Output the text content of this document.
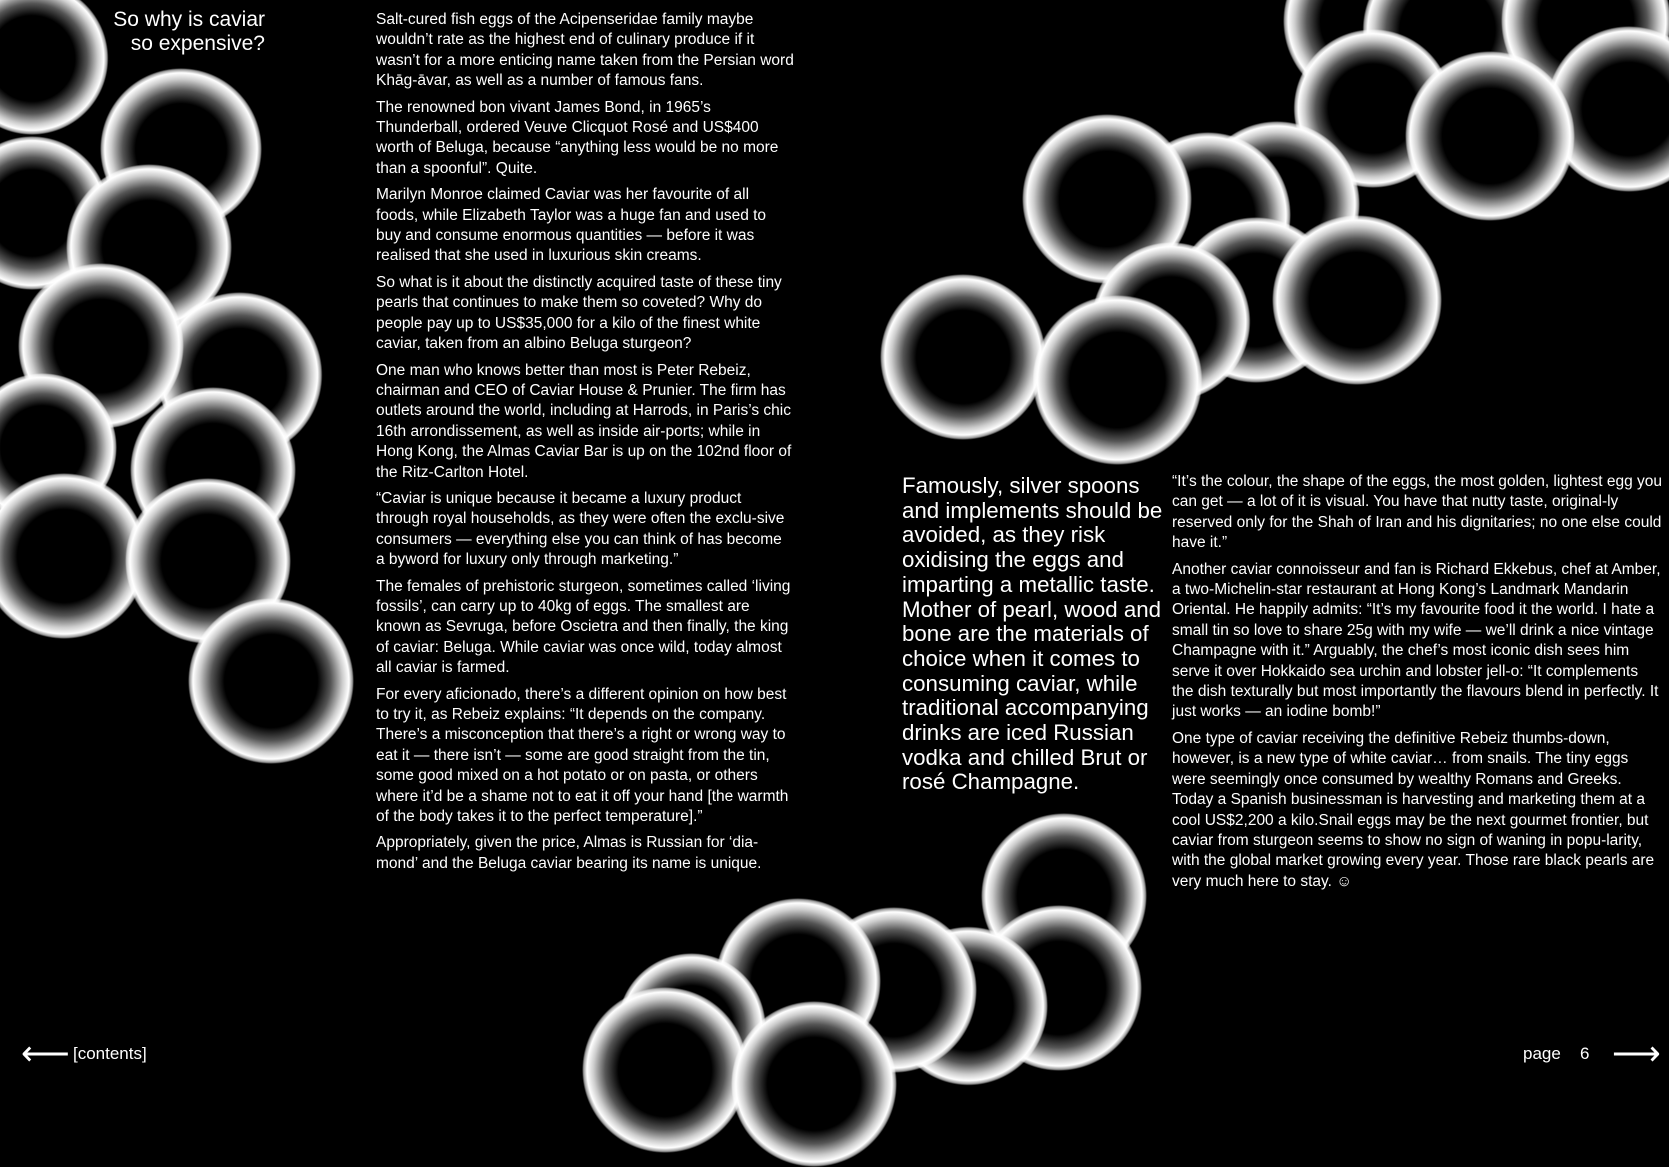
So why is caviar
so expensive?

Salt-cured fish eggs of the Acipenseridae family maybe wouldn’t rate as the highest end of culinary produce if it wasn’t for a more enticing name taken from the Persian word Khāg-āvar, as well as a number of famous fans.

The renowned bon vivant James Bond, in 1965’s Thunderball, ordered Veuve Clicquot Rosé and US$400 worth of Beluga, because “anything less would be no more than a spoonful”. Quite.

Marilyn Monroe claimed Caviar was her favourite of all foods, while Elizabeth Taylor was a huge fan and used to buy and consume enormous quantities — before it was realised that she used in luxurious skin creams.

So what is it about the distinctly acquired taste of these tiny pearls that continues to make them so coveted? Why do people pay up to US$35,000 for a kilo of the finest white caviar, taken from an albino Beluga sturgeon?

One man who knows better than most is Peter Rebeiz, chairman and CEO of Caviar House & Prunier. The firm has outlets around the world, including at Harrods, in Paris’s chic 16th arrondissement, as well as inside air-ports; while in Hong Kong, the Almas Caviar Bar is up on the 102nd floor of the Ritz-Carlton Hotel.

“Caviar is unique because it became a luxury product through royal households, as they were often the exclu-sive consumers — everything else you can think of has become a byword for luxury only through marketing.”

The females of prehistoric sturgeon, sometimes called ‘living fossils’, can carry up to 40kg of eggs. The smallest are known as Sevruga, before Oscietra and then finally, the king of caviar: Beluga. While caviar was once wild, today almost all caviar is farmed.

For every aficionado, there’s a different opinion on how best to try it, as Rebeiz explains: “It depends on the company. There’s a misconception that there’s a right or wrong way to eat it — there isn’t — some are good straight from the tin, some good mixed on a hot potato or on pasta, or others where it’d be a shame not to eat it off your hand [the warmth of the body takes it to the perfect temperature].”

Appropriately, given the price, Almas is Russian for ‘dia-mond’ and the Beluga caviar bearing its name is unique.

Famously, silver spoons and implements should be avoided, as they risk oxidising the eggs and imparting a metallic taste. Mother of pearl, wood and bone are the materials of choice when it comes to consuming caviar, while traditional accompanying drinks are iced Russian vodka and chilled Brut or rosé Champagne.

“It’s the colour, the shape of the eggs, the most golden, lightest egg you can get — a lot of it is visual. You have that nutty taste, original-ly reserved only for the Shah of Iran and his dignitaries; no one else could have it.”

Another caviar connoisseur and fan is Richard Ekkebus, chef at Amber, a two-Michelin-star restaurant at Hong Kong’s Landmark Mandarin Oriental. He happily admits: “It’s my favourite food it the world. I hate a small tin so love to share 25g with my wife — we’ll drink a nice vintage Champagne with it.” Arguably, the chef’s most iconic dish sees him serve it over Hokkaido sea urchin and lobster jell-o: “It complements the dish texturally but most importantly the flavours blend in perfectly. It just works — an iodine bomb!”

One type of caviar receiving the definitive Rebeiz thumbs-down, however, is a new type of white caviar… from snails. The tiny eggs were seemingly once consumed by wealthy Romans and Greeks. Today a Spanish businessman is harvesting and marketing them at a cool US$2,200 a kilo.Snail eggs may be the next gourmet frontier, but caviar from sturgeon seems to show no sign of waning in popu-larity, with the global market growing every year. Those rare black pearls are very much here to stay. ☺

⟵ [contents]	page 6 ⟶
